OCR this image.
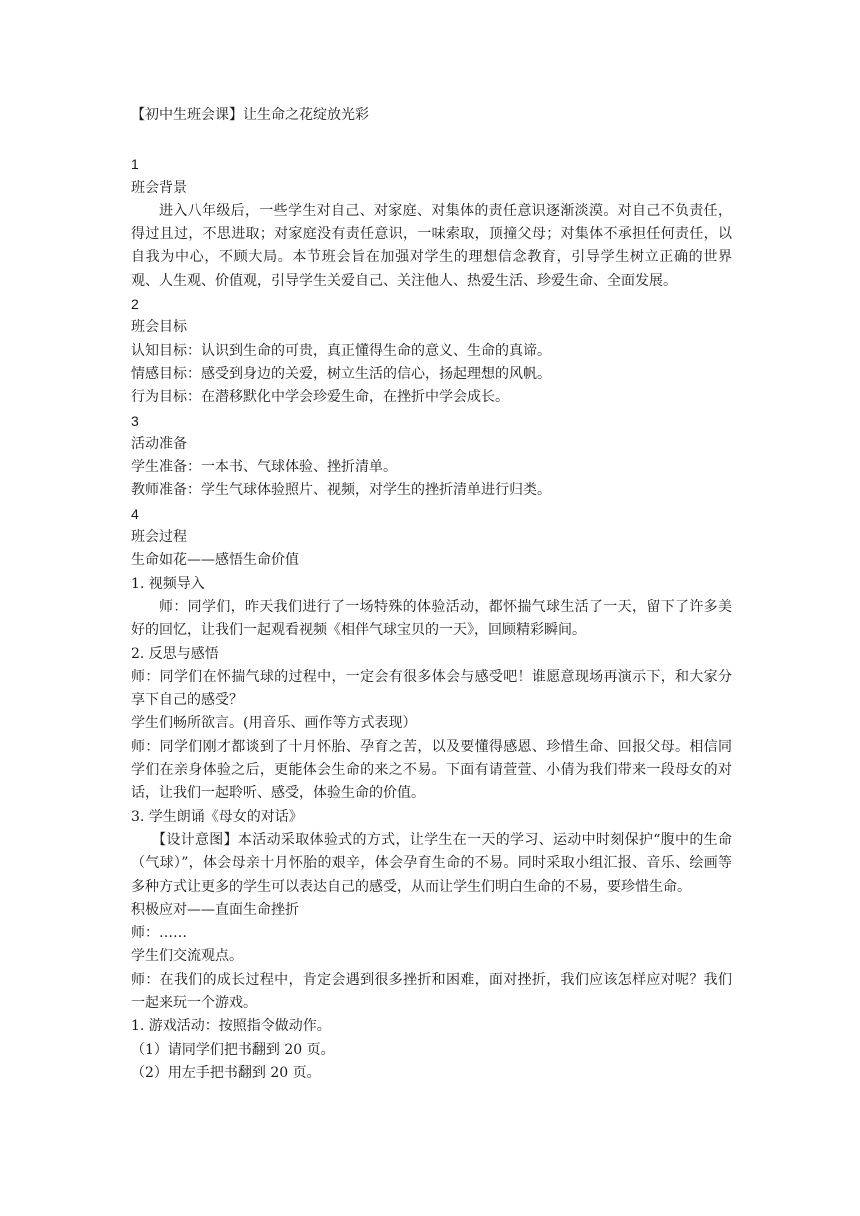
【初中生班会课】让生命之花绽放光彩
1
班会背景
进入八年级后，一些学生对自己、对家庭、对集体的责任意识逐渐淡漠。对自己不负责任，得过且过，不思进取；对家庭没有责任意识，一味索取，顶撞父母；对集体不承担任何责任，以自我为中心，不顾大局。本节班会旨在加强对学生的理想信念教育，引导学生树立正确的世界观、人生观、价值观，引导学生关爱自己、关注他人、热爱生活、珍爱生命、全面发展。
2
班会目标
认知目标：认识到生命的可贵，真正懂得生命的意义、生命的真谛。
情感目标：感受到身边的关爱，树立生活的信心，扬起理想的风帆。
行为目标：在潜移默化中学会珍爱生命，在挫折中学会成长。
3
活动准备
学生准备：一本书、气球体验、挫折清单。
教师准备：学生气球体验照片、视频，对学生的挫折清单进行归类。
4
班会过程
生命如花——感悟生命价值
1. 视频导入
师：同学们，昨天我们进行了一场特殊的体验活动，都怀揣气球生活了一天，留下了许多美好的回忆，让我们一起观看视频《相伴气球宝贝的一天》，回顾精彩瞬间。
2. 反思与感悟
师：同学们在怀揣气球的过程中，一定会有很多体会与感受吧！谁愿意现场再演示下，和大家分享下自己的感受？
学生们畅所欲言。(用音乐、画作等方式表现）
师：同学们刚才都谈到了十月怀胎、孕育之苦，以及要懂得感恩、珍惜生命、回报父母。相信同学们在亲身体验之后，更能体会生命的来之不易。下面有请萱萱、小倩为我们带来一段母女的对话，让我们一起聆听、感受，体验生命的价值。
3. 学生朗诵《母女的对话》
【设计意图】本活动采取体验式的方式，让学生在一天的学习、运动中时刻保护“腹中的生命（气球）”，体会母亲十月怀胎的艰辛，体会孕育生命的不易。同时采取小组汇报、音乐、绘画等多种方式让更多的学生可以表达自己的感受，从而让学生们明白生命的不易，要珍惜生命。
积极应对——直面生命挫折
师：……
学生们交流观点。
师：在我们的成长过程中，肯定会遇到很多挫折和困难，面对挫折，我们应该怎样应对呢？我们一起来玩一个游戏。
1. 游戏活动：按照指令做动作。
（1）请同学们把书翻到 20 页。
（2）用左手把书翻到 20 页。
